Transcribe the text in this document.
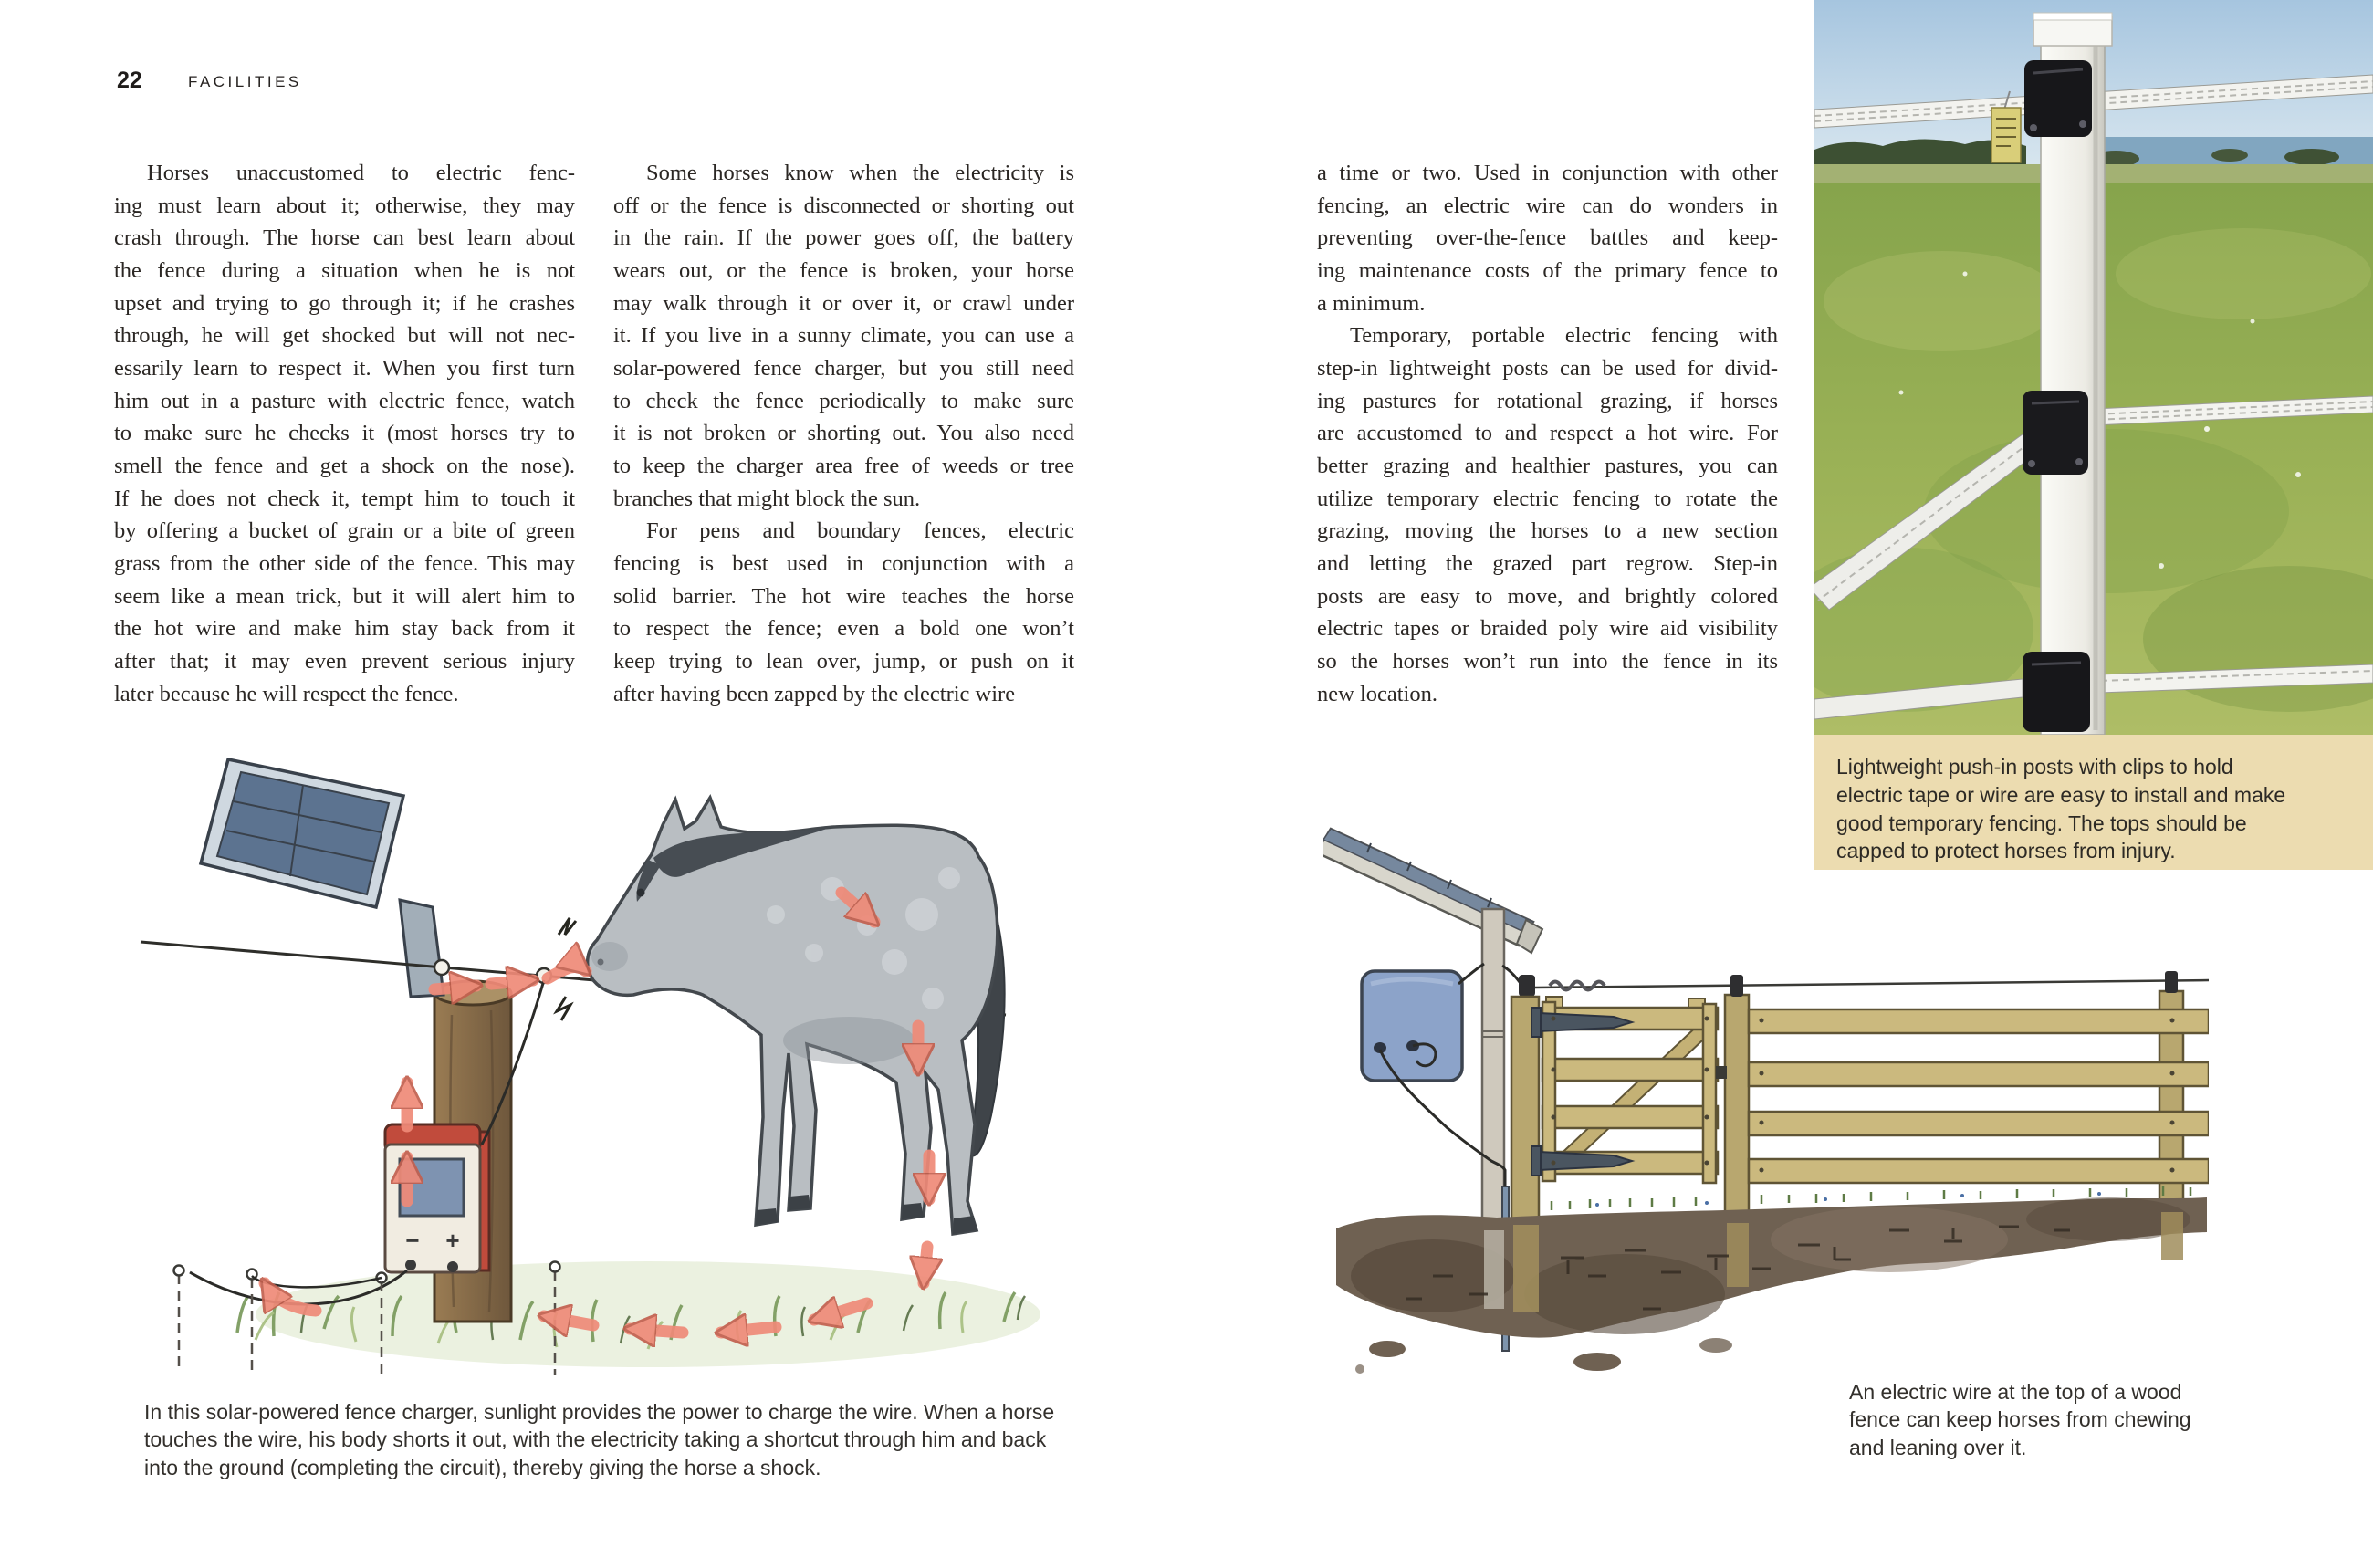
22	FACILITIES
Horses unaccustomed to electric fenc-
ing must learn about it; otherwise, they may
crash through. The horse can best learn about
the fence during a situation when he is not
upset and trying to go through it; if he crashes
through, he will get shocked but will not nec-
essarily learn to respect it. When you first turn
him out in a pasture with electric fence, watch
to make sure he checks it (most horses try to
smell the fence and get a shock on the nose).
If he does not check it, tempt him to touch it
by offering a bucket of grain or a bite of green
grass from the other side of the fence. This may
seem like a mean trick, but it will alert him to
the hot wire and make him stay back from it
after that; it may even prevent serious injury
later because he will respect the fence.
Some horses know when the electricity is
off or the fence is disconnected or shorting out
in the rain. If the power goes off, the battery
wears out, or the fence is broken, your horse
may walk through it or over it, or crawl under
it. If you live in a sunny climate, you can use a
solar-powered fence charger, but you still need
to check the fence periodically to make sure
it is not broken or shorting out. You also need
to keep the charger area free of weeds or tree
branches that might block the sun.
For pens and boundary fences, electric
fencing is best used in conjunction with a
solid barrier. The hot wire teaches the horse
to respect the fence; even a bold one won’t
keep trying to lean over, jump, or push on it
after having been zapped by the electric wire
a time or two. Used in conjunction with other
fencing, an electric wire can do wonders in
preventing over-the-fence battles and keep-
ing maintenance costs of the primary fence to
a minimum.
Temporary, portable electric fencing with
step-in lightweight posts can be used for divid-
ing pastures for rotational grazing, if horses
are accustomed to and respect a hot wire. For
better grazing and healthier pastures, you can
utilize temporary electric fencing to rotate the
grazing, moving the horses to a new section
and letting the grazed part regrow. Step-in
posts are easy to move, and brightly colored
electric tapes or braided poly wire aid visibility
so the horses won’t run into the fence in its
new location.
Lightweight push-in posts with clips to hold
electric tape or wire are easy to install and make
good temporary fencing. The tops should be
capped to protect horses from injury.
− +
In this solar-powered fence charger, sunlight provides the power to charge the wire. When a horse
touches the wire, his body shorts it out, with the electricity taking a shortcut through him and back
into the ground (completing the circuit), thereby giving the horse a shock.
An electric wire at the top of a wood
fence can keep horses from chewing
and leaning over it.
